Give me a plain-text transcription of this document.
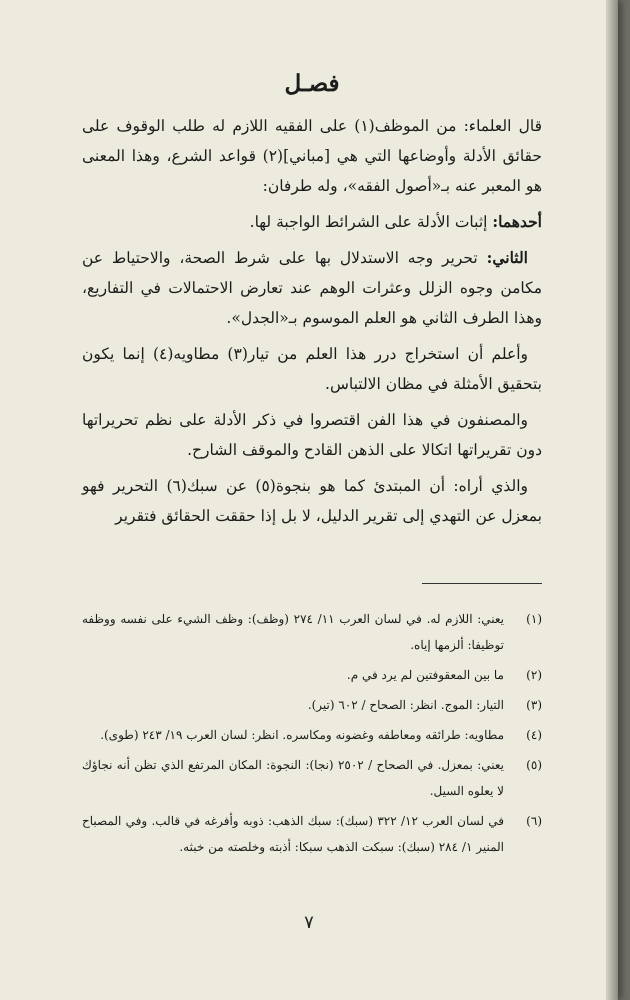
فصـل

قال العلماء: من الموظف(١) على الفقيه اللازم له طلب الوقوف على حقائق الأدلة وأوضاعها التي هي [مباني](٢) قواعد الشرع، وهذا المعنى هو المعبر عنه بـ«أصول الفقه»، وله طرفان:

أحدهما: إثبات الأدلة على الشرائط الواجبة لها.

الثاني: تحرير وجه الاستدلال بها على شرط الصحة، والاحتياط عن مكامن وجوه الزلل وعثرات الوهم عند تعارض الاحتمالات في التفاريع، وهذا الطرف الثاني هو العلم الموسوم بـ«الجدل».

وأعلم أن استخراج درر هذا العلم من تيار(٣) مطاويه(٤) إنما يكون بتحقيق الأمثلة في مظان الالتباس.

والمصنفون في هذا الفن اقتصروا في ذكر الأدلة على نظم تحريراتها دون تقريراتها اتكالا على الذهن القادح والموقف الشارح.

والذي أراه: أن المبتدئ كما هو بنجوة(٥) عن سبك(٦) التحرير فهو بمعزل عن التهدي إلى تقرير الدليل، لا بل إذا حققت الحقائق فتقرير

(١)
يعني: اللازم له. في لسان العرب ١١/ ٢٧٤ (وظف): وظف الشيء على نفسه ووظفه توظيفا: ألزمها إياه.
(٢)
ما بين المعقوفتين لم يرد في م.
(٣)
التيار: الموج. انظر: الصحاح / ٦٠٢ (تير).
(٤)
مطاويه: طرائقه ومعاطفه وغضونه ومكاسره. انظر: لسان العرب ١٩/ ٢٤٣ (طوى).
(٥)
يعني: بمعزل. في الصحاح / ٢٥٠٢ (نجا): النجوة: المكان المرتفع الذي تظن أنه نجاؤك لا يعلوه السيل.
(٦)
في لسان العرب ١٢/ ٣٢٢ (سبك): سبك الذهب: ذوبه وأفرغه في قالب. وفي المصباح المنير ١/ ٢٨٤ (سبك): سبكت الذهب سبكا: أذبته وخلصته من خبثه.
٧
